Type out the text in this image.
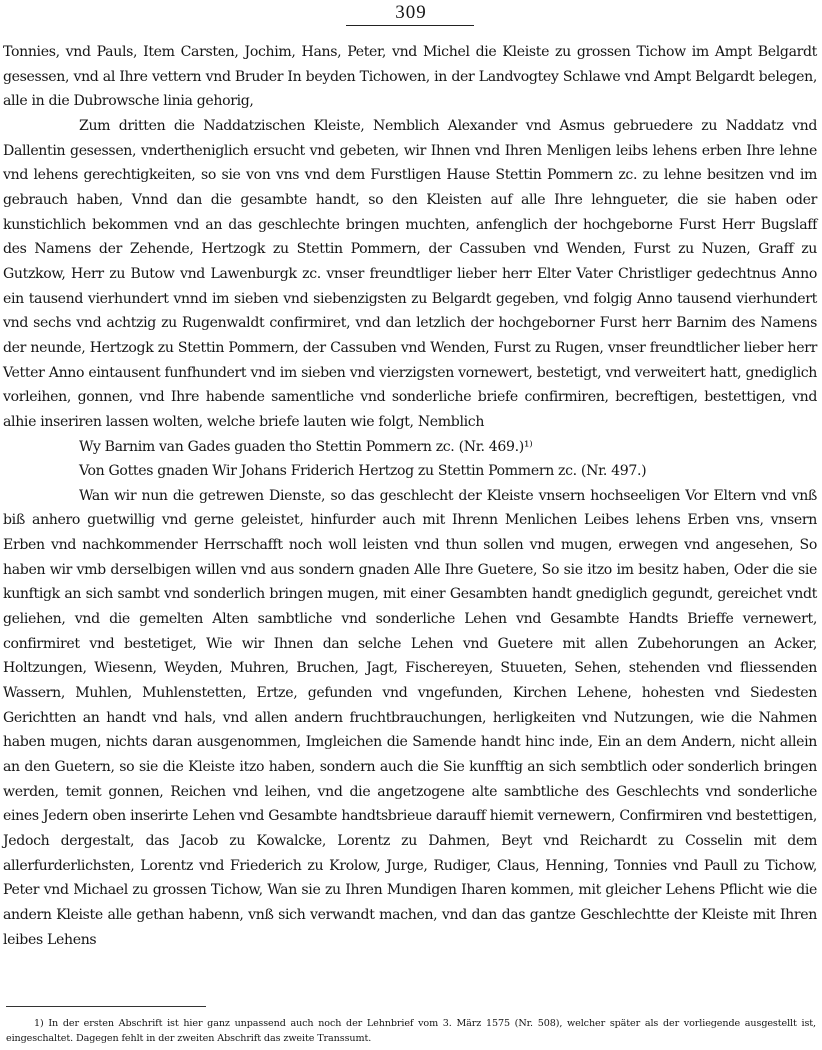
309

Tonnies, vnd Pauls, Item Carsten, Jochim, Hans, Peter, vnd Michel die Kleiste zu grossen Tichow im Ampt Belgardt gesessen, vnd al Ihre vettern vnd Bruder In beyden Tichowen, in der Landvogtey Schlawe vnd Ampt Belgardt belegen, alle in die Dubrowsche linia gehorig,

Zum dritten die Naddatzischen Kleiste, Nemblich Alexander vnd Asmus gebruedere zu Naddatz vnd Dallentin gesessen, vndertheniglich ersucht vnd gebeten, wir Ihnen vnd Ihren Menligen leibs lehens erben Ihre lehne vnd lehens gerechtigkeiten, so sie von vns vnd dem Furstligen Hause Stettin Pommern zc. zu lehne besitzen vnd im gebrauch haben, Vnnd dan die gesambte handt, so den Kleisten auf alle Ihre lehngueter, die sie haben oder kunstichlich bekommen vnd an das geschlechte bringen muchten, anfenglich der hochgeborne Furst Herr Bugslaff des Namens der Zehende, Hertzogk zu Stettin Pommern, der Cassuben vnd Wenden, Furst zu Nuzen, Graff zu Gutzkow, Herr zu Butow vnd Lawenburgk zc. vnser freundtliger lieber herr Elter Vater Christliger gedechtnus Anno ein tausend vierhundert vnnd im sieben vnd siebenzigsten zu Belgardt gegeben, vnd folgig Anno tausend vierhundert vnd sechs vnd achtzig zu Rugenwaldt confirmiret, vnd dan letzlich der hochgeborner Furst herr Barnim des Namens der neunde, Hertzogk zu Stettin Pommern, der Cassuben vnd Wenden, Furst zu Rugen, vnser freundtlicher lieber herr Vetter Anno eintausent funfhundert vnd im sieben vnd vierzigsten vornewert, bestetigt, vnd verweitert hatt, gnediglich vorleihen, gonnen, vnd Ihre habende samentliche vnd sonderliche briefe confirmiren, becreftigen, bestettigen, vnd alhie inseriren lassen wolten, welche briefe lauten wie folgt, Nemblich

Wy Barnim van Gades guaden tho Stettin Pommern zc. (Nr. 469.)¹⁾

Von Gottes gnaden Wir Johans Friderich Hertzog zu Stettin Pommern zc. (Nr. 497.)

Wan wir nun die getrewen Dienste, so das geschlecht der Kleiste vnsern hochseeligen Vor Eltern vnd vnß biß anhero guetwillig vnd gerne geleistet, hinfurder auch mit Ihrenn Menlichen Leibes lehens Erben vns, vnsern Erben vnd nachkommender Herrschafft noch woll leisten vnd thun sollen vnd mugen, erwegen vnd angesehen, So haben wir vmb derselbigen willen vnd aus sondern gnaden Alle Ihre Guetere, So sie itzo im besitz haben, Oder die sie kunftigk an sich sambt vnd sonderlich bringen mugen, mit einer Gesambten handt gnediglich gegundt, gereichet vndt geliehen, vnd die gemelten Alten sambtliche vnd sonderliche Lehen vnd Gesambte Handts Brieffe vernewert, confirmiret vnd bestetiget, Wie wir Ihnen dan selche Lehen vnd Guetere mit allen Zubehorungen an Acker, Holtzungen, Wiesenn, Weyden, Muhren, Bruchen, Jagt, Fischereyen, Stuueten, Sehen, stehenden vnd fliessenden Wassern, Muhlen, Muhlenstetten, Ertze, gefunden vnd vngefunden, Kirchen Lehene, hohesten vnd Siedesten Gerichtten an handt vnd hals, vnd allen andern fruchtbrauchungen, herligkeiten vnd Nutzungen, wie die Nahmen haben mugen, nichts daran ausgenommen, Imgleichen die Samende handt hinc inde, Ein an dem Andern, nicht allein an den Guetern, so sie die Kleiste itzo haben, sondern auch die Sie kunfftig an sich sembtlich oder sonderlich bringen werden, temit gonnen, Reichen vnd leihen, vnd die angetzogene alte sambtliche des Geschlechts vnd sonderliche eines Jedern oben inserirte Lehen vnd Gesambte handtsbrieue darauff hiemit vernewern, Confirmiren vnd bestettigen, Jedoch dergestalt, das Jacob zu Kowalcke, Lorentz zu Dahmen, Beyt vnd Reichardt zu Cosselin mit dem allerfurderlichsten, Lorentz vnd Friederich zu Krolow, Jurge, Rudiger, Claus, Henning, Tonnies vnd Paull zu Tichow, Peter vnd Michael zu grossen Tichow, Wan sie zu Ihren Mundigen Iharen kommen, mit gleicher Lehens Pflicht wie die andern Kleiste alle gethan habenn, vnß sich verwandt machen, vnd dan das gantze Geschlechtte der Kleiste mit Ihren leibes Lehens

1) In der ersten Abschrift ist hier ganz unpassend auch noch der Lehnbrief vom 3. März 1575 (Nr. 508), welcher später als der vorliegende ausgestellt ist, eingeschaltet. Dagegen fehlt in der zweiten Abschrift das zweite Transsumt.
